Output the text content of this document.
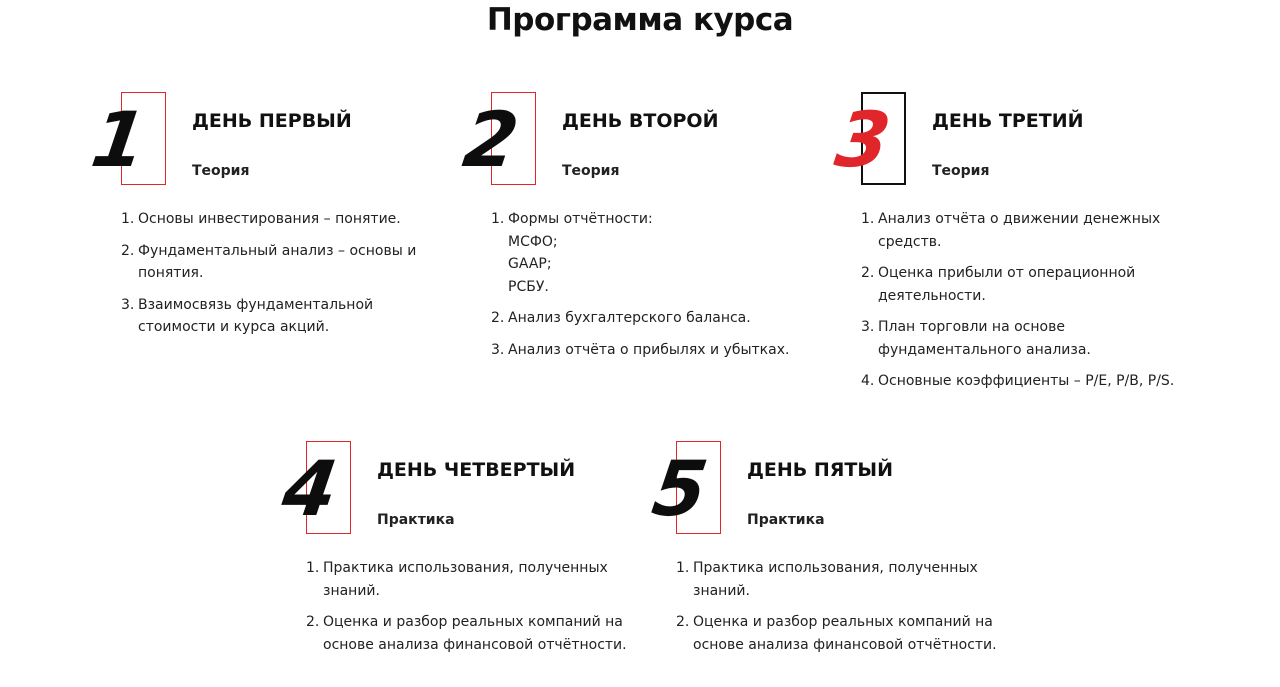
Программа курса
1	ДЕНЬ ПЕРВЫЙ
Теория
1. Основы инвестирования – понятие.
2. Фундаментальный анализ – основы и понятия.
3. Взаимосвязь фундаментальной стоимости и курса акций.
2	ДЕНЬ ВТОРОЙ
Теория
1. Формы отчётности:
МСФО;
GAAP;
РСБУ.
2. Анализ бухгалтерского баланса.
3. Анализ отчёта о прибылях и убытках.
3	ДЕНЬ ТРЕТИЙ
Теория
1. Анализ отчёта о движении денежных средств.
2. Оценка прибыли от операционной деятельности.
3. План торговли на основе фундаментального анализа.
4. Основные коэффициенты – P/E, P/B, P/S.
4	ДЕНЬ ЧЕТВЕРТЫЙ
Практика
1. Практика использования, полученных знаний.
2. Оценка и разбор реальных компаний на основе анализа финансовой отчётности.
5	ДЕНЬ ПЯТЫЙ
Практика
1. Практика использования, полученных знаний.
2. Оценка и разбор реальных компаний на основе анализа финансовой отчётности.
